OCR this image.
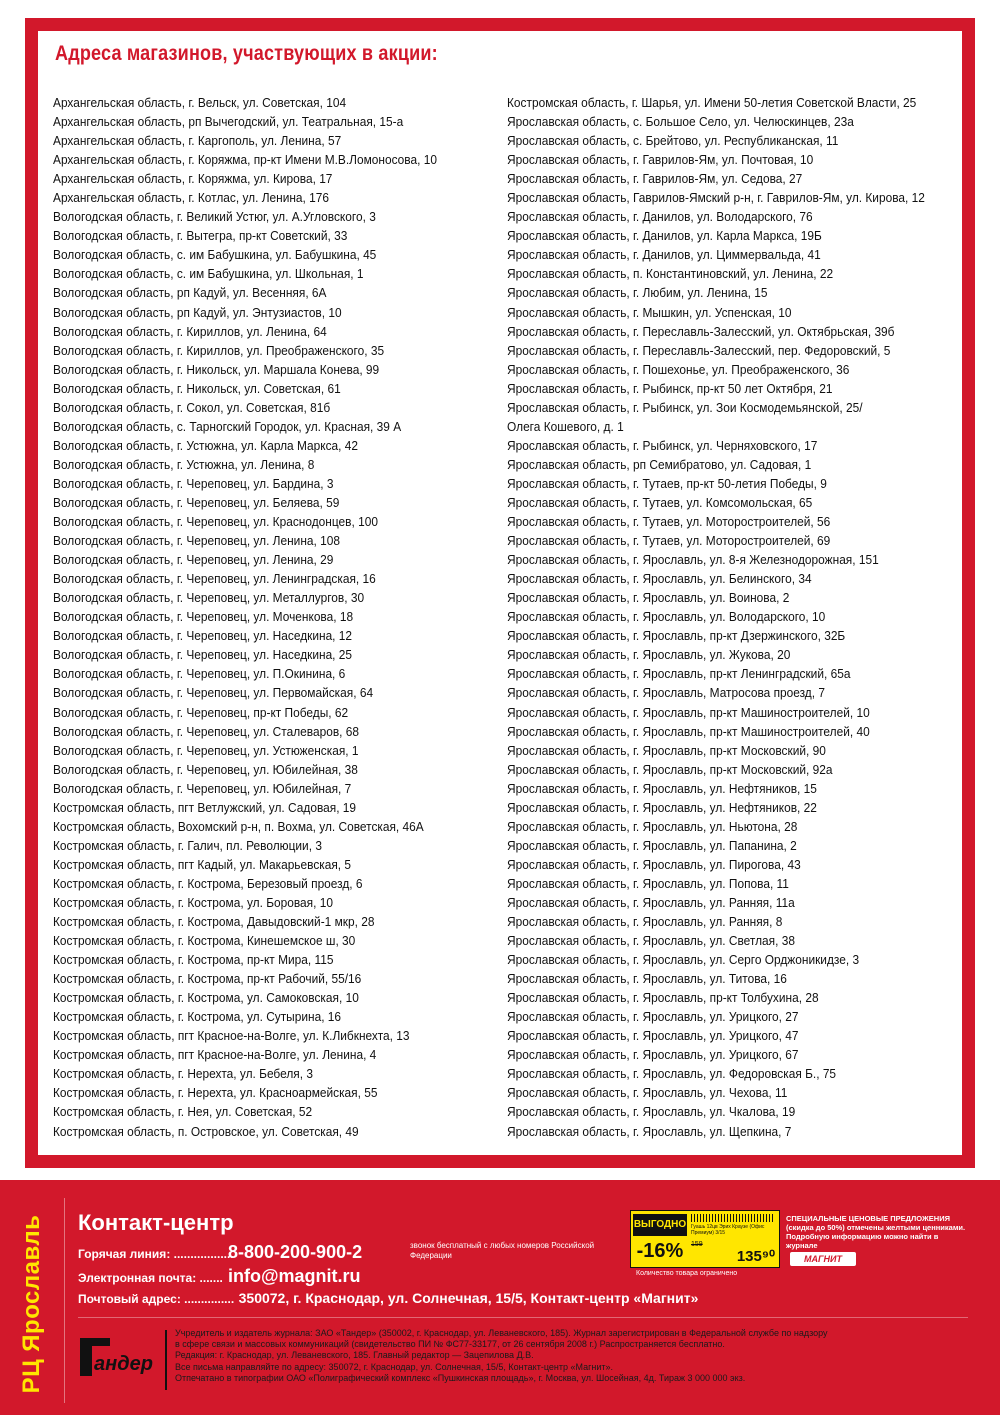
Адреса магазинов, участвующих в акции:
Архангельская область, г. Вельск, ул. Советская, 104
Архангельская область, рп Вычегодский, ул. Театральная, 15-а
Архангельская область, г. Каргополь, ул. Ленина, 57
Архангельская область, г. Коряжма, пр-кт Имени М.В.Ломоносова, 10
Архангельская область, г. Коряжма, ул. Кирова, 17
Архангельская область, г. Котлас, ул. Ленина, 176
Вологодская область, г. Великий Устюг, ул. А.Угловского, 3
Вологодская область, г. Вытегра, пр-кт Советский, 33
Вологодская область, с. им Бабушкина, ул. Бабушкина, 45
Вологодская область, с. им Бабушкина, ул. Школьная, 1
Вологодская область, рп Кадуй, ул. Весенняя, 6А
Вологодская область, рп Кадуй, ул. Энтузиастов, 10
Вологодская область, г. Кириллов, ул. Ленина, 64
Вологодская область, г. Кириллов, ул. Преображенского, 35
Вологодская область, г. Никольск, ул. Маршала Конева, 99
Вологодская область, г. Никольск, ул. Советская, 61
Вологодская область, г. Сокол, ул. Советская, 81б
Вологодская область, с. Тарногский Городок, ул. Красная, 39 А
Вологодская область, г. Устюжна, ул. Карла Маркса, 42
Вологодская область, г. Устюжна, ул. Ленина, 8
Вологодская область, г. Череповец, ул. Бардина, 3
Вологодская область, г. Череповец, ул. Беляева, 59
Вологодская область, г. Череповец, ул. Краснодонцев, 100
Вологодская область, г. Череповец, ул. Ленина, 108
Вологодская область, г. Череповец, ул. Ленина, 29
Вологодская область, г. Череповец, ул. Ленинградская, 16
Вологодская область, г. Череповец, ул. Металлургов, 30
Вологодская область, г. Череповец, ул. Моченкова, 18
Вологодская область, г. Череповец, ул. Наседкина, 12
Вологодская область, г. Череповец, ул. Наседкина, 25
Вологодская область, г. Череповец, ул. П.Окинина, 6
Вологодская область, г. Череповец, ул. Первомайская, 64
Вологодская область, г. Череповец, пр-кт Победы, 62
Вологодская область, г. Череповец, ул. Сталеваров, 68
Вологодская область, г. Череповец, ул. Устюженская, 1
Вологодская область, г. Череповец, ул. Юбилейная, 38
Вологодская область, г. Череповец, ул. Юбилейная, 7
Костромская область, пгт Ветлужский, ул. Садовая, 19
Костромская область, Вохомский р-н, п. Вохма, ул. Советская, 46А
Костромская область, г. Галич, пл. Революции, 3
Костромская область, пгт Кадый, ул. Макарьевская, 5
Костромская область, г. Кострома, Березовый проезд, 6
Костромская область, г. Кострома, ул. Боровая, 10
Костромская область, г. Кострома, Давыдовский-1 мкр, 28
Костромская область, г. Кострома, Кинешемское ш, 30
Костромская область, г. Кострома, пр-кт Мира, 115
Костромская область, г. Кострома, пр-кт Рабочий, 55/16
Костромская область, г. Кострома, ул. Самоковская, 10
Костромская область, г. Кострома, ул. Сутырина, 16
Костромская область, пгт Красное-на-Волге, ул. К.Либкнехта, 13
Костромская область, пгт Красное-на-Волге, ул. Ленина, 4
Костромская область, г. Нерехта, ул. Бебеля, 3
Костромская область, г. Нерехта, ул. Красноармейская, 55
Костромская область, г. Нея, ул. Советская, 52
Костромская область, п. Островское, ул. Советская, 49
Костромская область, г. Шарья, ул. Имени 50-летия Советской Власти, 25
Ярославская область, с. Большое Село, ул. Челюскинцев, 23а
Ярославская область, с. Брейтово, ул. Республиканская, 11
Ярославская область, г. Гаврилов-Ям, ул. Почтовая, 10
Ярославская область, г. Гаврилов-Ям, ул. Седова, 27
Ярославская область, Гаврилов-Ямский р-н, г. Гаврилов-Ям, ул. Кирова, 12
Ярославская область, г. Данилов, ул. Володарского, 76
Ярославская область, г. Данилов, ул. Карла Маркса, 19Б
Ярославская область, г. Данилов, ул. Циммервальда, 41
Ярославская область, п. Константиновский, ул. Ленина, 22
Ярославская область, г. Любим, ул. Ленина, 15
Ярославская область, г. Мышкин, ул. Успенская, 10
Ярославская область, г. Переславль-Залесский, ул. Октябрьская, 39б
Ярославская область, г. Переславль-Залесский, пер. Федоровский, 5
Ярославская область, г. Пошехонье, ул. Преображенского, 36
Ярославская область, г. Рыбинск, пр-кт 50 лет Октября, 21
Ярославская область, г. Рыбинск, ул. Зои Космодемьянской, 25/
Олега Кошевого, д. 1
Ярославская область, г. Рыбинск, ул. Черняховского, 17
Ярославская область, рп Семибратово, ул. Садовая, 1
Ярославская область, г. Тутаев, пр-кт 50-летия Победы, 9
Ярославская область, г. Тутаев, ул. Комсомольская, 65
Ярославская область, г. Тутаев, ул. Моторостроителей, 56
Ярославская область, г. Тутаев, ул. Моторостроителей, 69
Ярославская область, г. Ярославль, ул. 8-я Железнодорожная, 151
Ярославская область, г. Ярославль, ул. Белинского, 34
Ярославская область, г. Ярославль, ул. Воинова, 2
Ярославская область, г. Ярославль, ул. Володарского, 10
Ярославская область, г. Ярославль, пр-кт Дзержинского, 32Б
Ярославская область, г. Ярославль, ул. Жукова, 20
Ярославская область, г. Ярославль, пр-кт Ленинградский, 65а
Ярославская область, г. Ярославль, Матросова проезд, 7
Ярославская область, г. Ярославль, пр-кт Машиностроителей, 10
Ярославская область, г. Ярославль, пр-кт Машиностроителей, 40
Ярославская область, г. Ярославль, пр-кт Московский, 90
Ярославская область, г. Ярославль, пр-кт Московский, 92а
Ярославская область, г. Ярославль, ул. Нефтяников, 15
Ярославская область, г. Ярославль, ул. Нефтяников, 22
Ярославская область, г. Ярославль, ул. Ньютона, 28
Ярославская область, г. Ярославль, ул. Папанина, 2
Ярославская область, г. Ярославль, ул. Пирогова, 43
Ярославская область, г. Ярославль, ул. Попова, 11
Ярославская область, г. Ярославль, ул. Ранняя, 11а
Ярославская область, г. Ярославль, ул. Ранняя, 8
Ярославская область, г. Ярославль, ул. Светлая, 38
Ярославская область, г. Ярославль, ул. Серго Орджоникидзе, 3
Ярославская область, г. Ярославль, ул. Титова, 16
Ярославская область, г. Ярославль, пр-кт Толбухина, 28
Ярославская область, г. Ярославль, ул. Урицкого, 27
Ярославская область, г. Ярославль, ул. Урицкого, 47
Ярославская область, г. Ярославль, ул. Урицкого, 67
Ярославская область, г. Ярославль, ул. Федоровская Б., 75
Ярославская область, г. Ярославль, ул. Чехова, 11
Ярославская область, г. Ярославль, ул. Чкалова, 19
Ярославская область, г. Ярославль, ул. Щепкина, 7
РЦ Ярославль Контакт-центр
Горячая линия: ..................8-800-200-900-2	звонок бесплатный с любых номеров Российской Федерации
Электронная почта: ....... info@magnit.ru
Почтовый адрес: ............... 350072, г. Краснодар, ул. Солнечная, 15/5, Контакт-центр «Магнит»
ВЫГОДНО
-16%
Гуашь 12цв Эрих Краузе (Офис Премиум) 3/15
159
135⁹⁰
Количество товара ограничено
СПЕЦИАЛЬНЫЕ ЦЕНОВЫЕ ПРЕДЛОЖЕНИЯ (скидка до 50%) отмечены желтыми ценниками. Подробную информацию можно найти в журнале
МАГНИТ
андер
Учредитель и издатель журнала: ЗАО «Тандер» (350002, г. Краснодар, ул. Леваневского, 185). Журнал зарегистрирован в Федеральной службе по надзору
в сфере связи и массовых коммуникаций (свидетельство ПИ № ФС77-33177, от 26 сентября 2008 г.) Распространяется бесплатно.
Редакция: г. Краснодар, ул. Леваневского, 185. Главный редактор — Зацепилова Д.В.
Все письма направляйте по адресу: 350072, г. Краснодар, ул. Солнечная, 15/5, Контакт-центр «Магнит».
Отпечатано в типографии ОАО «Полиграфический комплекс «Пушкинская площадь», г. Москва, ул. Шосейная, 4д. Тираж 3 000 000 экз.
